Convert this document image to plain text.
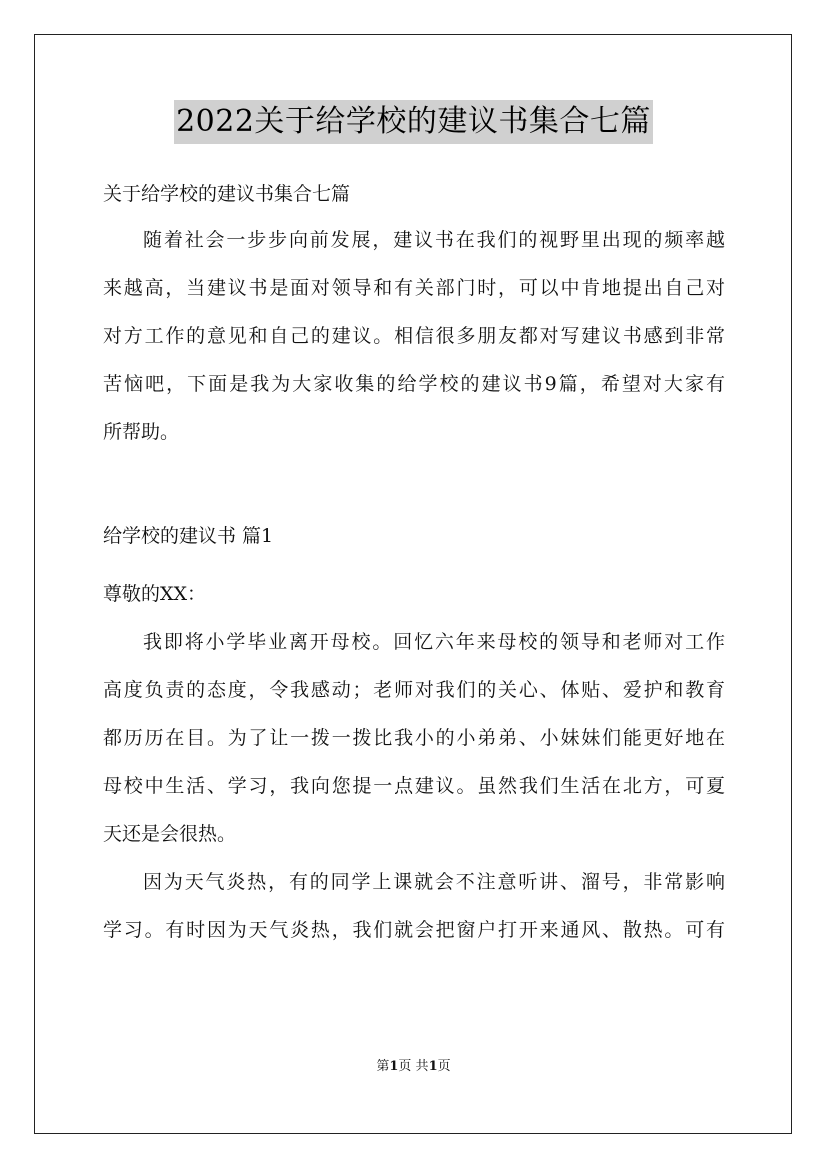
2022关于给学校的建议书集合七篇
关于给学校的建议书集合七篇
随着社会一步步向前发展，建议书在我们的视野里出现的频率越
来越高，当建议书是面对领导和有关部门时，可以中肯地提出自己对
对方工作的意见和自己的建议。相信很多朋友都对写建议书感到非常
苦恼吧，下面是我为大家收集的给学校的建议书9篇，希望对大家有
所帮助。
给学校的建议书 篇1
尊敬的XX：
我即将小学毕业离开母校。回忆六年来母校的领导和老师对工作
高度负责的态度，令我感动；老师对我们的关心、体贴、爱护和教育
都历历在目。为了让一拨一拨比我小的小弟弟、小妹妹们能更好地在
母校中生活、学习，我向您提一点建议。虽然我们生活在北方，可夏
天还是会很热。
因为天气炎热，有的同学上课就会不注意听讲、溜号，非常影响
学习。有时因为天气炎热，我们就会把窗户打开来通风、散热。可有
第1页 共1页
